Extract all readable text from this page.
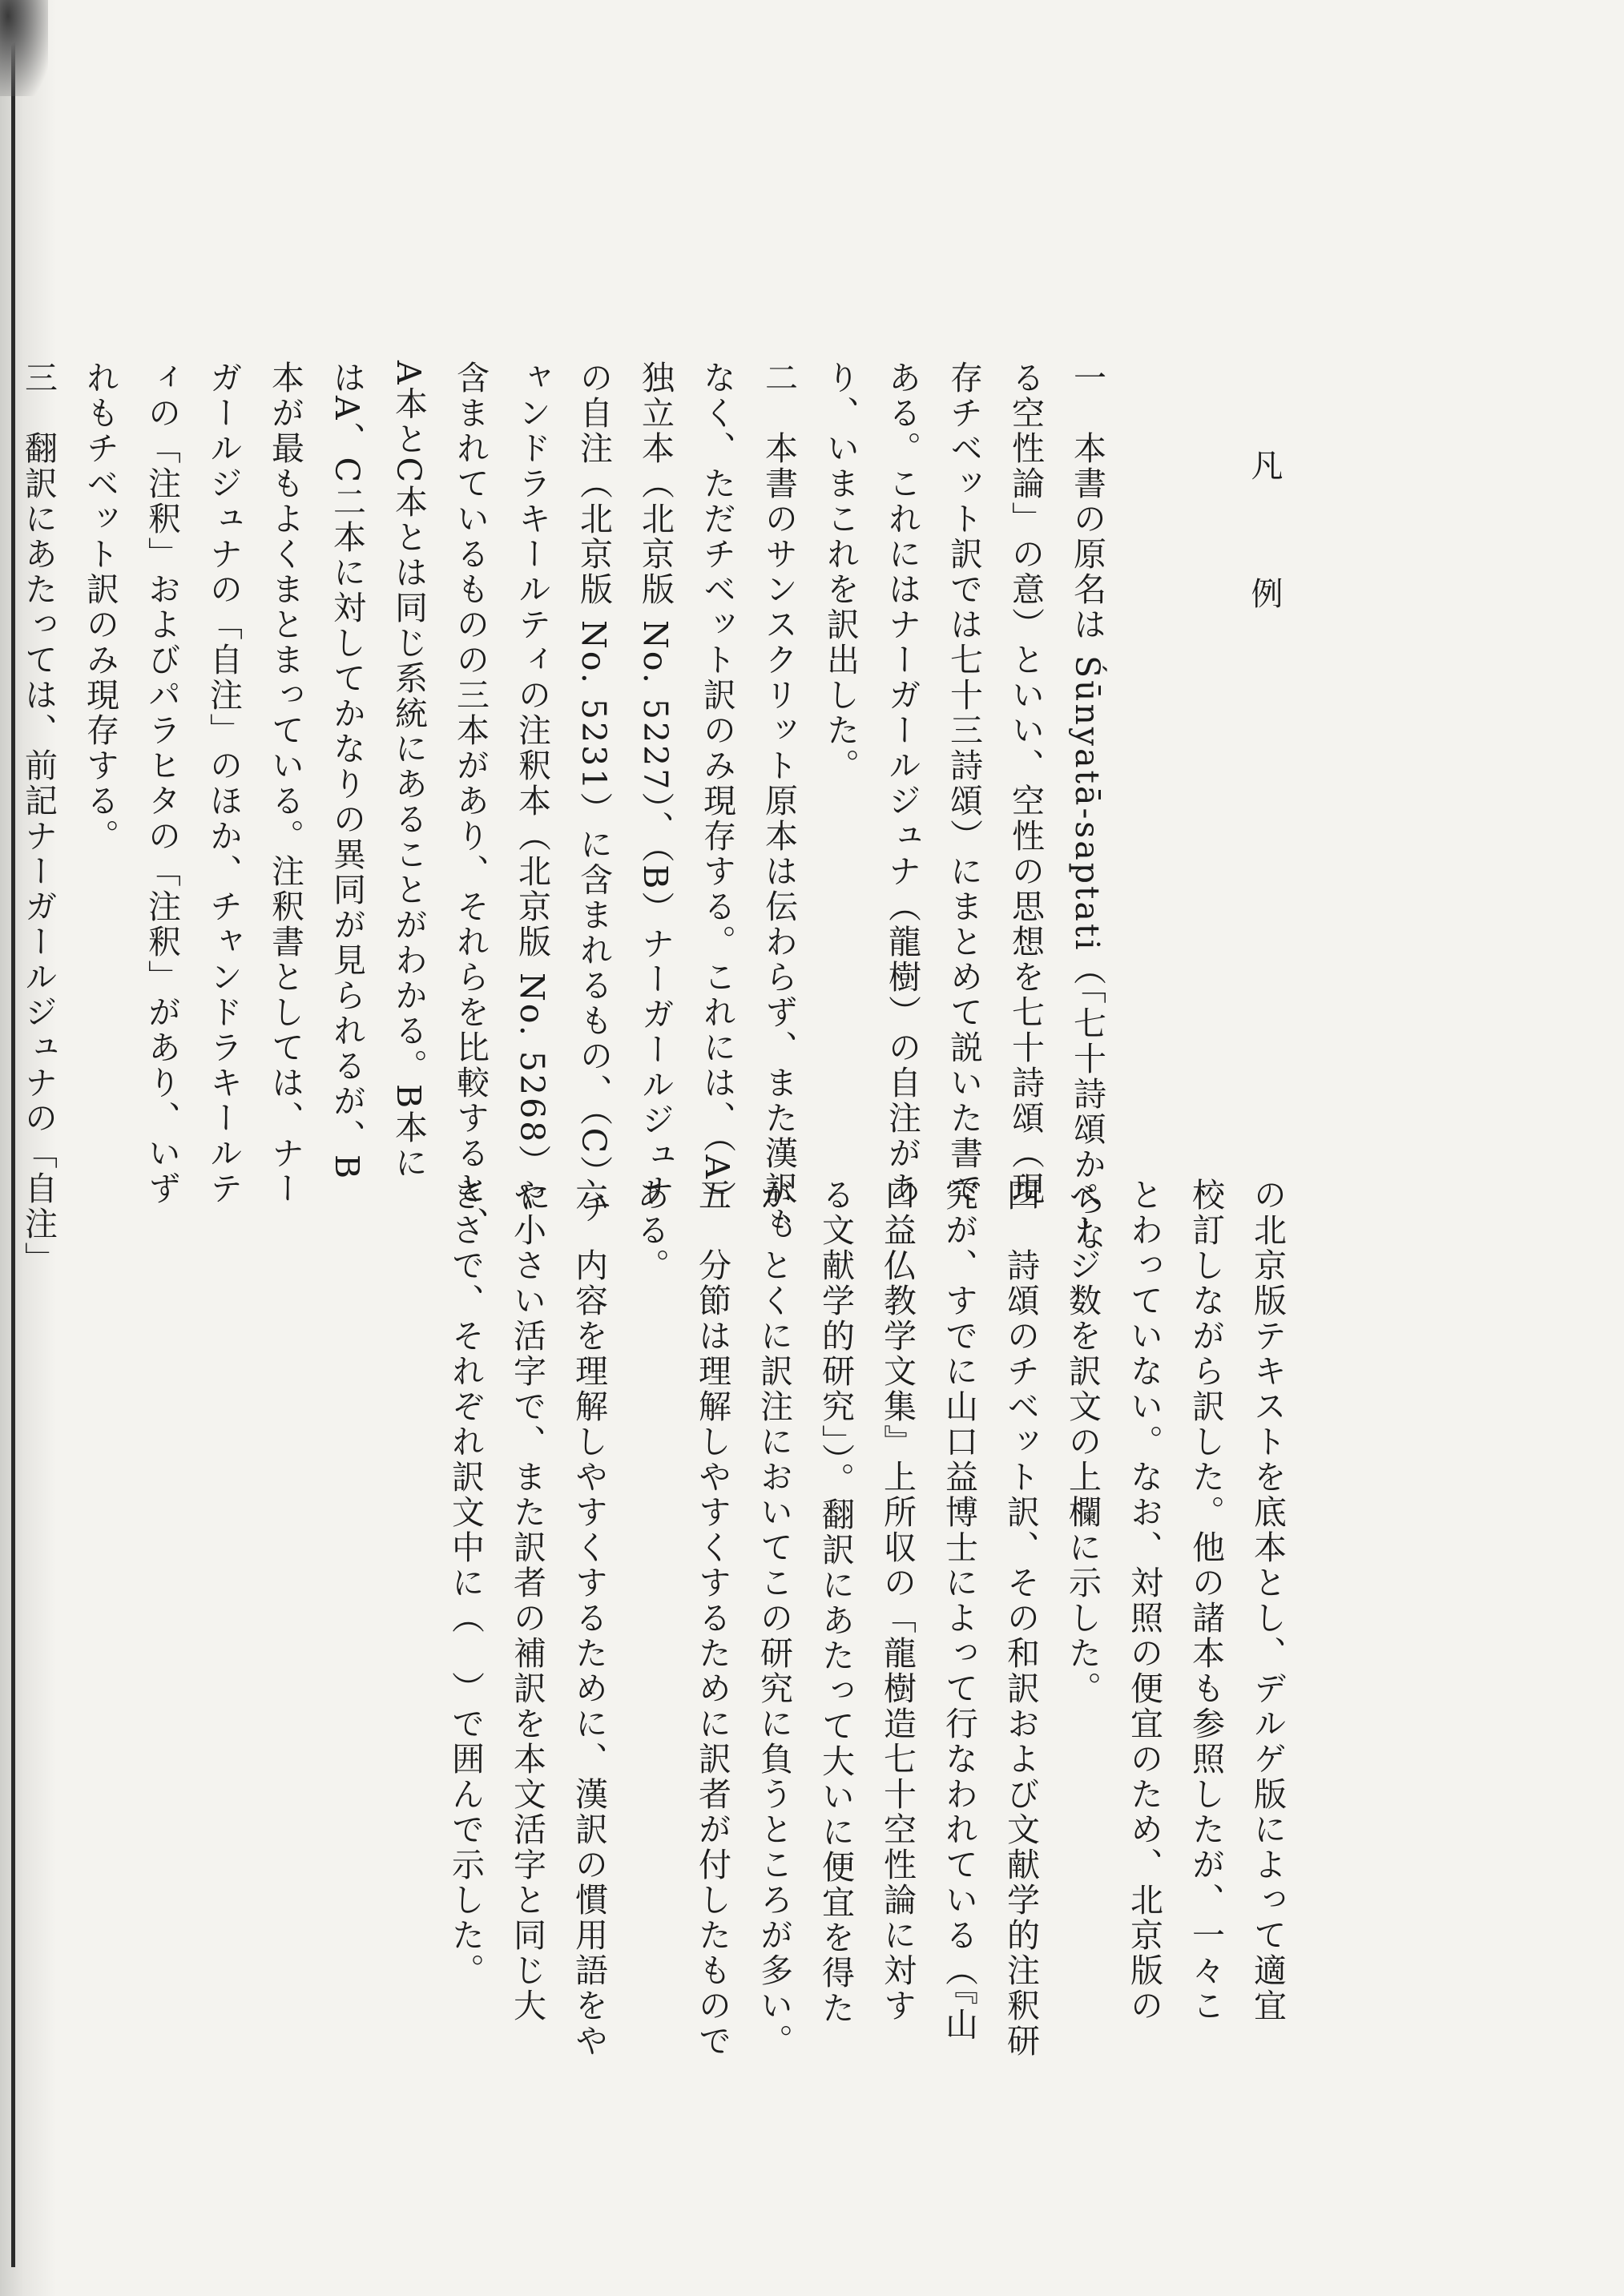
凡　例
一　本書の原名は Śūnyatā-saptati（「七十詩頌からな
る空性論」の意）といい、空性の思想を七十詩頌（現
存チベット訳では七十三詩頌）にまとめて説いた書で
ある。これにはナーガールジュナ（龍樹）の自注があ
り、いまこれを訳出した。
二　本書のサンスクリット原本は伝わらず、また漢訳も
なく、ただチベット訳のみ現存する。これには、（A）
独立本（北京版 No. 5227）、（B）ナーガールジュナ
の自注（北京版 No. 5231）に含まれるもの、（C）チ
ャンドラキールティの注釈本（北京版 No. 5268）に
含まれているものの三本があり、それらを比較すると、
A本とC本とは同じ系統にあることがわかる。B本に
はA、C二本に対してかなりの異同が見られるが、B
本が最もよくまとまっている。注釈書としては、ナー
ガールジュナの「自注」のほか、チャンドラキールテ
ィの「注釈」およびパラヒタの「注釈」があり、いず
れもチベット訳のみ現存する。
三　翻訳にあたっては、前記ナーガールジュナの「自注」
の北京版テキストを底本とし、デルゲ版によって適宜
校訂しながら訳した。他の諸本も参照したが、一々こ
とわっていない。なお、対照の便宜のため、北京版の
ページ数を訳文の上欄に示した。
四　詩頌のチベット訳、その和訳および文献学的注釈研
究が、すでに山口益博士によって行なわれている（『山
口益仏教学文集』上所収の「龍樹造七十空性論に対す
る文献学的研究」）。翻訳にあたって大いに便宜を得た
が、とくに訳注においてこの研究に負うところが多い。
五　分節は理解しやすくするために訳者が付したもので
ある。
六　内容を理解しやすくするために、漢訳の慣用語をや
や小さい活字で、また訳者の補訳を本文活字と同じ大
きさで、それぞれ訳文中に（　）で囲んで示した。
